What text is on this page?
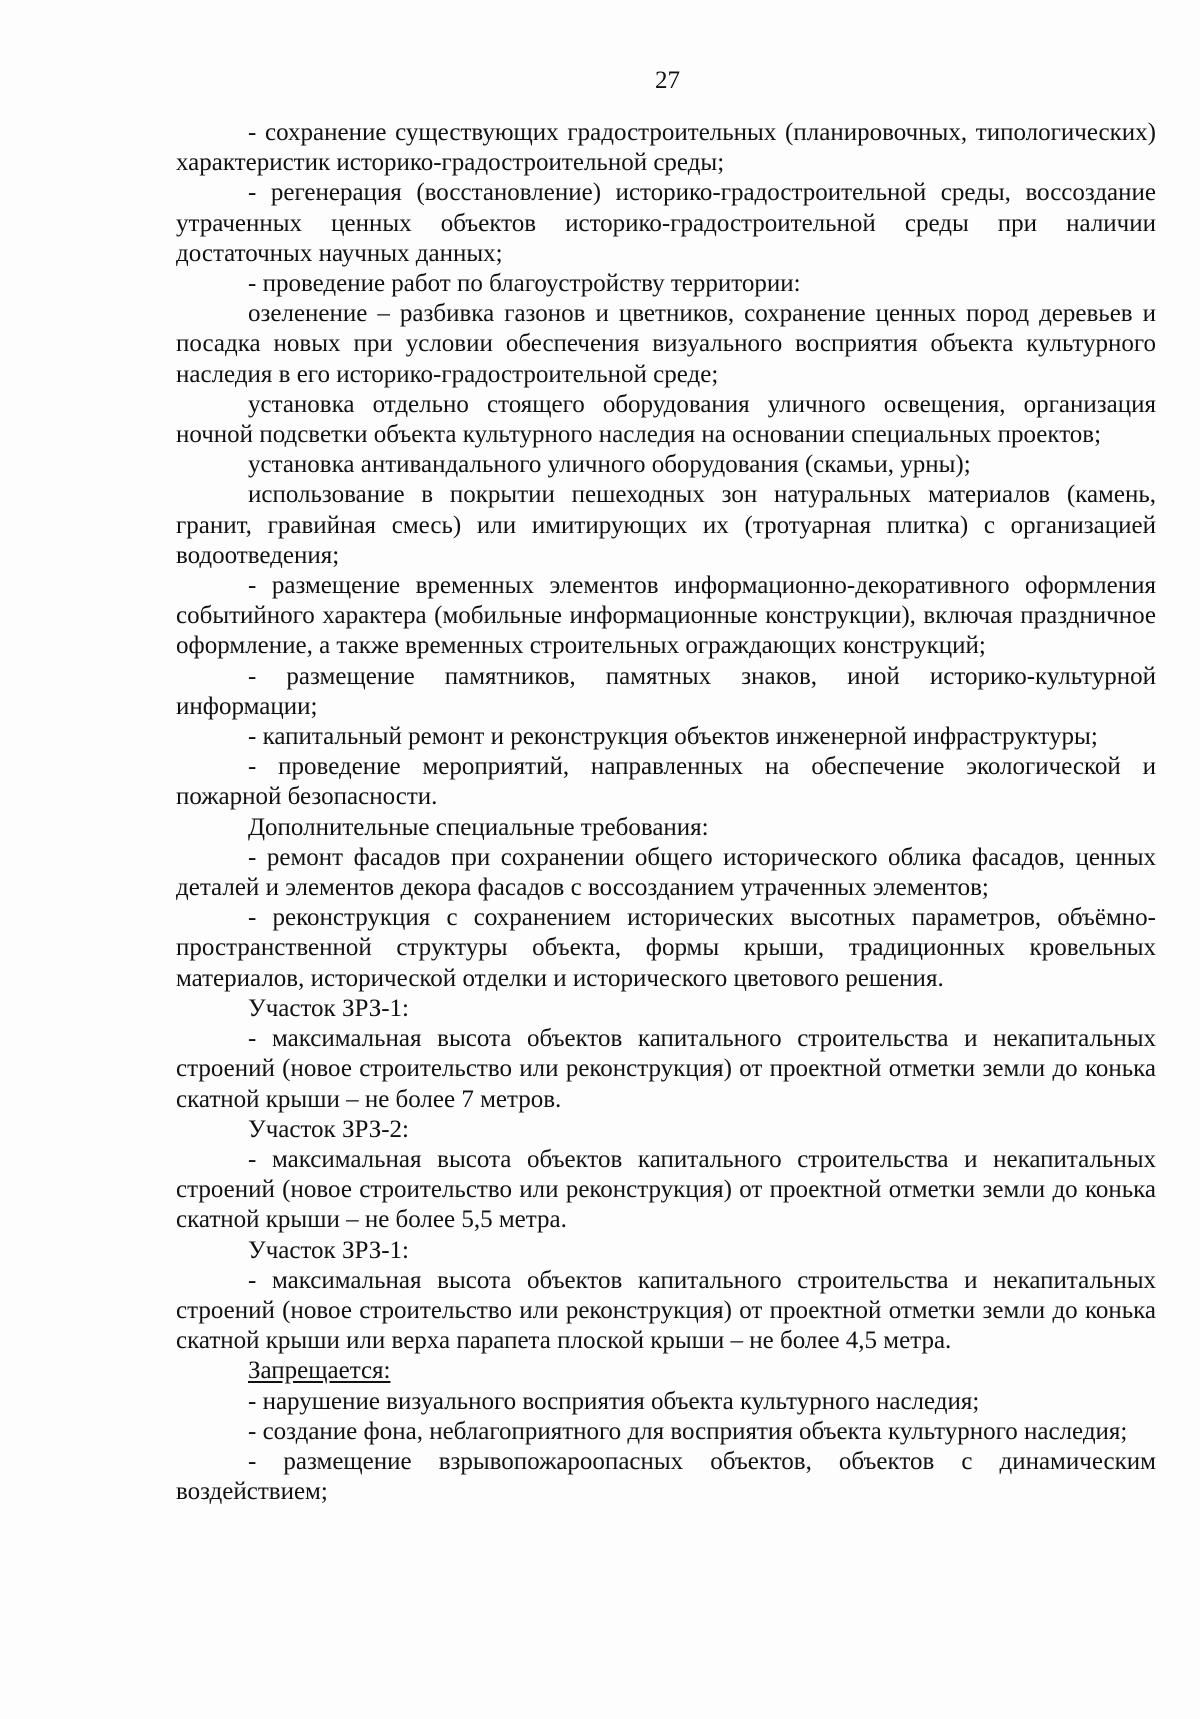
27

- сохранение существующих градостроительных (планировочных, типологических) характеристик историко-градостроительной среды;

- регенерация (восстановление) историко-градостроительной среды, воссоздание утраченных ценных объектов историко-градостроительной среды при наличии достаточных научных данных;

- проведение работ по благоустройству территории:

озеленение – разбивка газонов и цветников, сохранение ценных пород деревьев и посадка новых при условии обеспечения визуального восприятия объекта культурного наследия в его историко-градостроительной среде;

установка отдельно стоящего оборудования уличного освещения, организация ночной подсветки объекта культурного наследия на основании специальных проектов;

установка антивандального уличного оборудования (скамьи, урны);

использование в покрытии пешеходных зон натуральных материалов (камень, гранит, гравийная смесь) или имитирующих их (тротуарная плитка) с организацией водоотведения;

- размещение временных элементов информационно-декоративного оформления событийного характера (мобильные информационные конструкции), включая праздничное оформление, а также временных строительных ограждающих конструкций;

- размещение памятников, памятных знаков, иной историко-культурной информации;

- капитальный ремонт и реконструкция объектов инженерной инфраструктуры;

- проведение мероприятий, направленных на обеспечение экологической и пожарной безопасности.

Дополнительные специальные требования:

- ремонт фасадов при сохранении общего исторического облика фасадов, ценных деталей и элементов декора фасадов с воссозданием утраченных элементов;

- реконструкция с сохранением исторических высотных параметров, объёмно-пространственной структуры объекта, формы крыши, традиционных кровельных материалов, исторической отделки и исторического цветового решения.

Участок ЗРЗ-1:

- максимальная высота объектов капитального строительства и некапитальных строений (новое строительство или реконструкция) от проектной отметки земли до конька скатной крыши – не более 7 метров.

Участок ЗРЗ-2:

- максимальная высота объектов капитального строительства и некапитальных строений (новое строительство или реконструкция) от проектной отметки земли до конька скатной крыши – не более 5,5 метра.

Участок ЗРЗ-1:

- максимальная высота объектов капитального строительства и некапитальных строений (новое строительство или реконструкция) от проектной отметки земли до конька скатной крыши или верха парапета плоской крыши – не более 4,5 метра.

Запрещается:

- нарушение визуального восприятия объекта культурного наследия;

- создание фона, неблагоприятного для восприятия объекта культурного наследия;

- размещение взрывопожароопасных объектов, объектов с динамическим воздействием;
